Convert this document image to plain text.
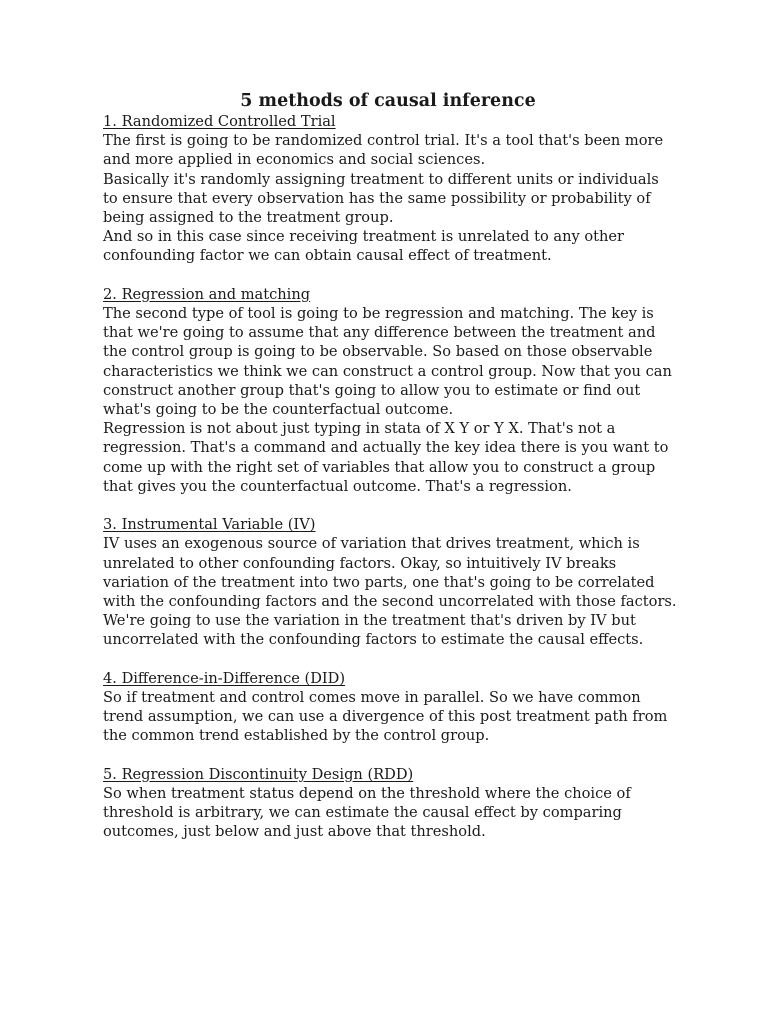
5 methods of causal inference
1. Randomized Controlled Trial

The first is going to be randomized control trial. It's a tool that's been more and more applied in economics and social sciences.

Basically it's randomly assigning treatment to different units or individuals to ensure that every observation has the same possibility or probability of being assigned to the treatment group.

And so in this case since receiving treatment is unrelated to any other confounding factor we can obtain causal effect of treatment.

2. Regression and matching

The second type of tool is going to be regression and matching. The key is that we're going to assume that any difference between the treatment and the control group is going to be observable. So based on those observable characteristics we think we can construct a control group. Now that you can construct another group that's going to allow you to estimate or find out what's going to be the counterfactual outcome.

Regression is not about just typing in stata of X Y or Y X. That's not a regression. That's a command and actually the key idea there is you want to come up with the right set of variables that allow you to construct a group that gives you the counterfactual outcome. That's a regression.

3. Instrumental Variable (IV)

IV uses an exogenous source of variation that drives treatment, which is unrelated to other confounding factors. Okay, so intuitively IV breaks variation of the treatment into two parts, one that's going to be correlated with the confounding factors and the second uncorrelated with those factors. We're going to use the variation in the treatment that's driven by IV but uncorrelated with the confounding factors to estimate the causal effects.

4. Difference-in-Difference (DID)

So if treatment and control comes move in parallel. So we have common trend assumption, we can use a divergence of this post treatment path from the common trend established by the control group.

5. Regression Discontinuity Design (RDD)

So when treatment status depend on the threshold where the choice of threshold is arbitrary, we can estimate the causal effect by comparing outcomes, just below and just above that threshold.
